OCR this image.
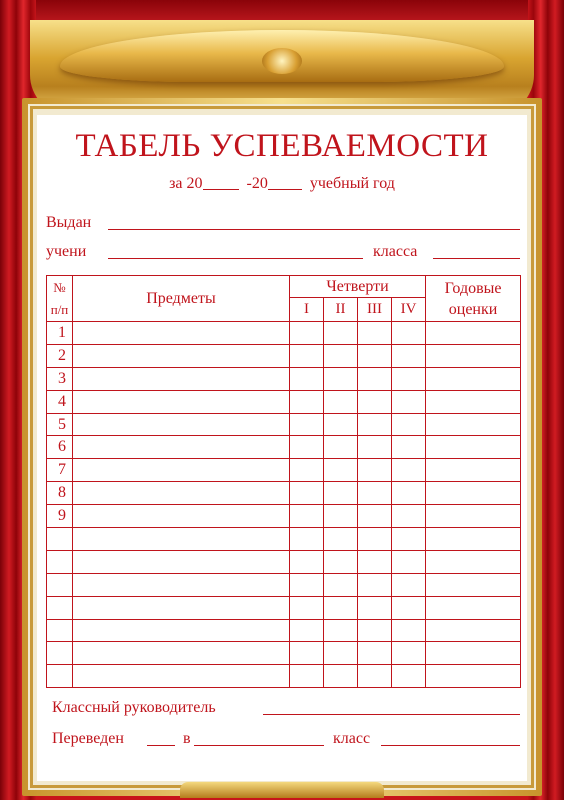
ТАБЕЛЬ УСПЕВАЕМОСТИ
за 20	-20	учебный год
Выдан
учени	класса
№ п/п	Предметы	Четверти				Годовые
оценки
		I	II	III	IV	
1						
2						
3						
4						
5						
6						
7						
8						
9						

Классный руководитель
Переведен	в	класс
